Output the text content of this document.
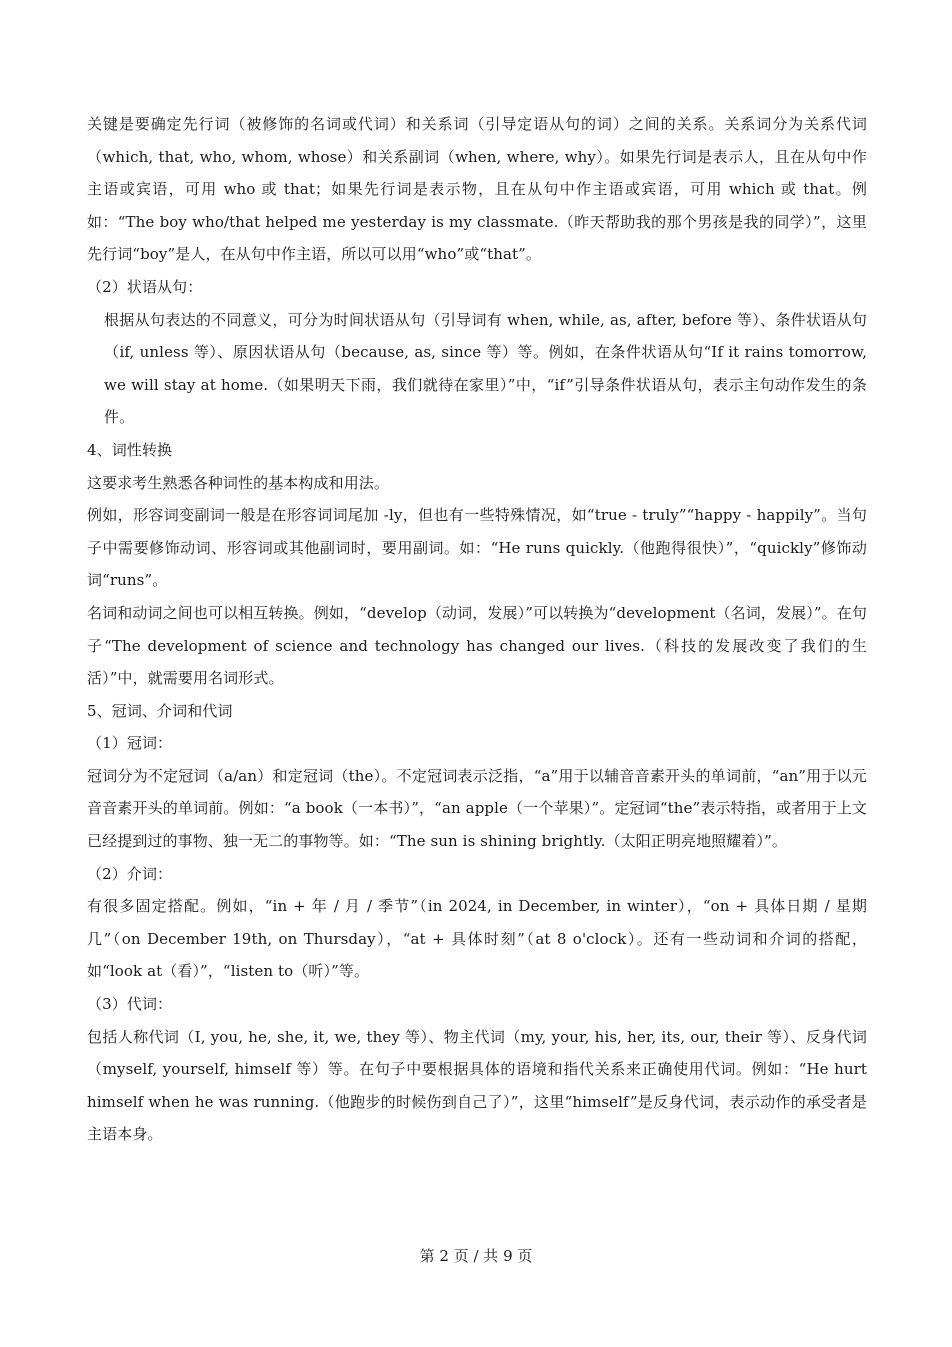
关键是要确定先行词（被修饰的名词或代词）和关系词（引导定语从句的词）之间的关系。关系词分为关系代词（which, that, who, whom, whose）和关系副词（when, where, why）。如果先行词是表示人，且在从句中作主语或宾语，可用 who 或 that；如果先行词是表示物，且在从句中作主语或宾语，可用 which 或 that。例如：“The boy who/that helped me yesterday is my classmate.（昨天帮助我的那个男孩是我的同学）”，这里先行词“boy”是人，在从句中作主语，所以可以用“who”或“that”。

（2）状语从句：

根据从句表达的不同意义，可分为时间状语从句（引导词有 when, while, as, after, before 等）、条件状语从句（if, unless 等）、原因状语从句（because, as, since 等）等。例如，在条件状语从句“If it rains tomorrow, we will stay at home.（如果明天下雨，我们就待在家里）”中，“if”引导条件状语从句，表示主句动作发生的条件。

4、词性转换

这要求考生熟悉各种词性的基本构成和用法。

例如，形容词变副词一般是在形容词词尾加 -ly，但也有一些特殊情况，如“true - truly”“happy - happily”。当句子中需要修饰动词、形容词或其他副词时，要用副词。如：“He runs quickly.（他跑得很快）”，“quickly”修饰动词“runs”。

名词和动词之间也可以相互转换。例如，“develop（动词，发展）”可以转换为“development（名词，发展）”。在句子“The development of science and technology has changed our lives.（科技的发展改变了我们的生活）”中，就需要用名词形式。

5、冠词、介词和代词

（1）冠词：

冠词分为不定冠词（a/an）和定冠词（the）。不定冠词表示泛指，“a”用于以辅音音素开头的单词前，“an”用于以元音音素开头的单词前。例如：“a book（一本书）”，“an apple（一个苹果）”。定冠词“the”表示特指，或者用于上文已经提到过的事物、独一无二的事物等。如：“The sun is shining brightly.（太阳正明亮地照耀着）”。

（2）介词：

有很多固定搭配。例如，“in + 年 / 月 / 季节”（in 2024, in December, in winter），“on + 具体日期 / 星期几”（on December 19th, on Thursday），“at + 具体时刻”（at 8 o'clock）。还有一些动词和介词的搭配，如“look at（看）”，“listen to（听）”等。

（3）代词：

包括人称代词（I, you, he, she, it, we, they 等）、物主代词（my, your, his, her, its, our, their 等）、反身代词（myself, yourself, himself 等）等。在句子中要根据具体的语境和指代关系来正确使用代词。例如：“He hurt himself when he was running.（他跑步的时候伤到自己了）”，这里“himself”是反身代词，表示动作的承受者是主语本身。

第 2 页 / 共 9 页
